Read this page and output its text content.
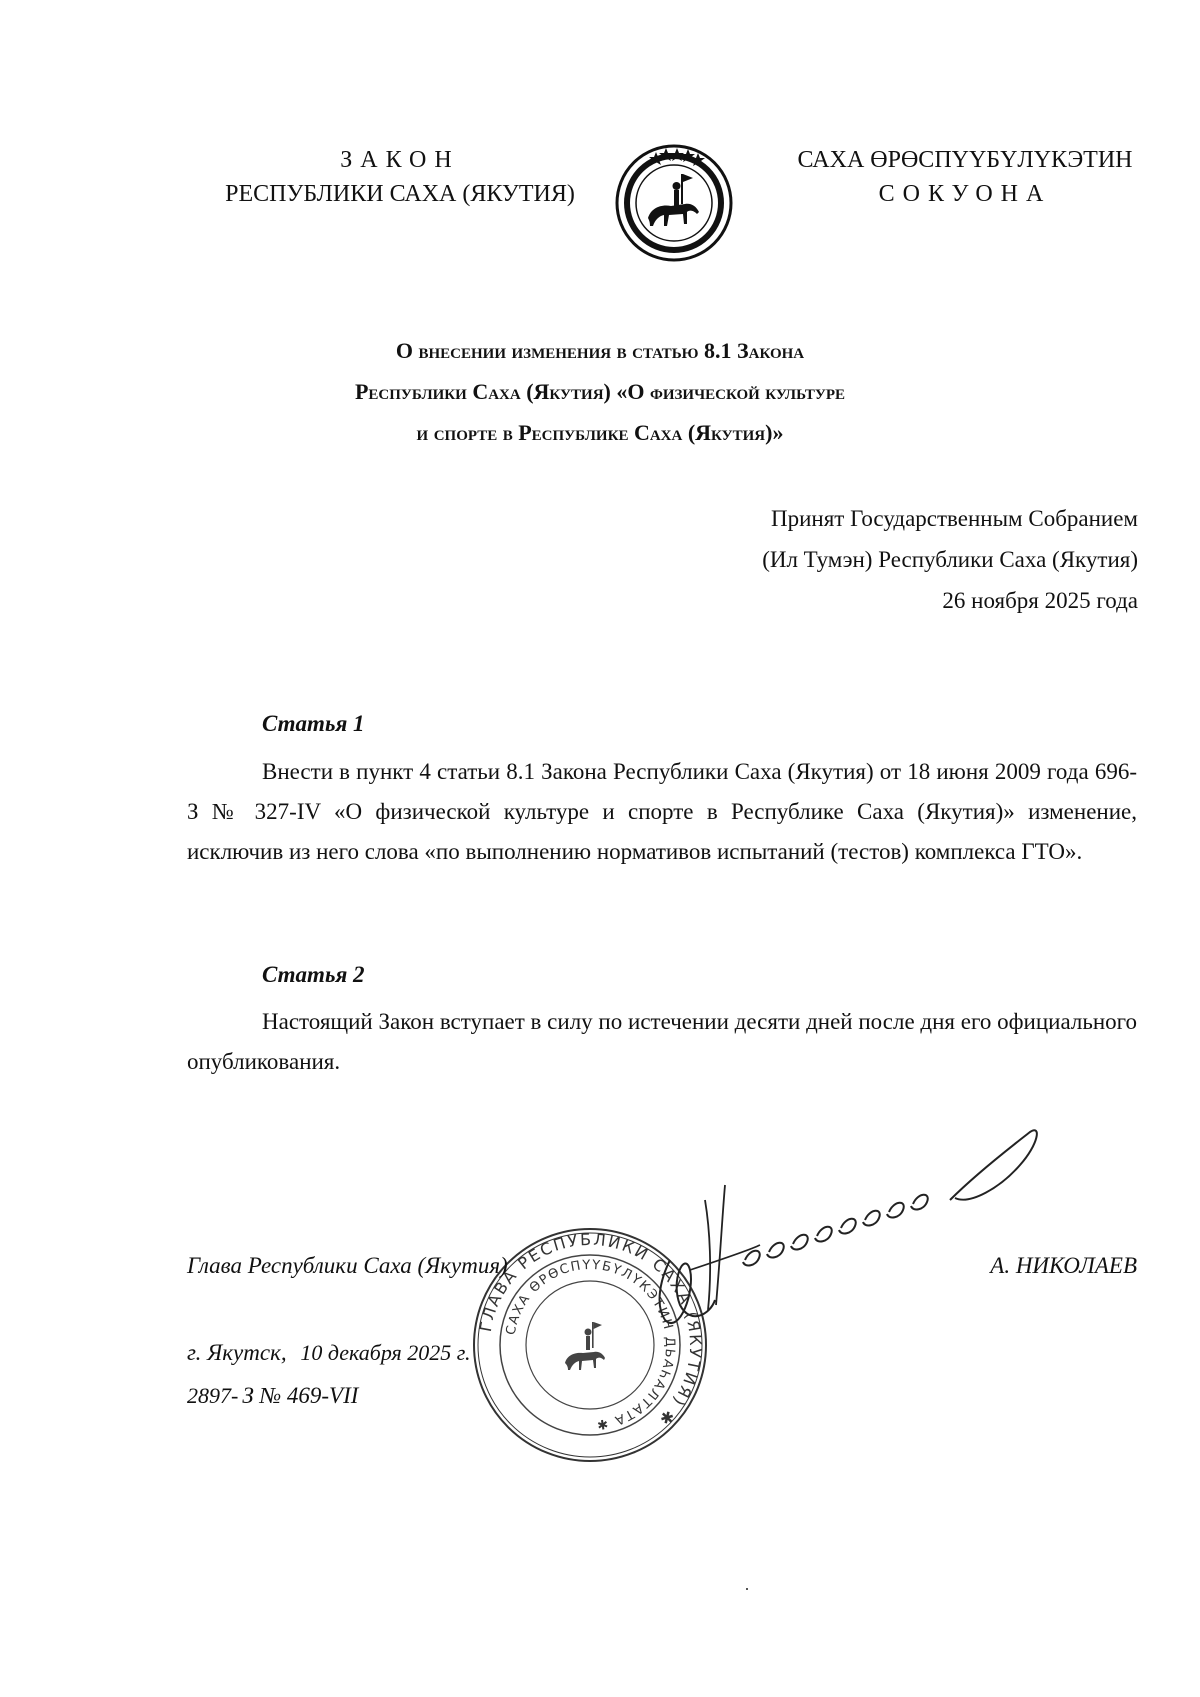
ЗАКОН
РЕСПУБЛИКИ САХА (ЯКУТИЯ)
САХА ӨРӨСПҮҮБҮЛҮКЭТИН
СОКУОНА
О внесении изменения в статью 8.1 Закона
Республики Саха (Якутия) «О физической культуре
и спорте в Республике Саха (Якутия)»
Принят Государственным Собранием
(Ил Тумэн) Республики Саха (Якутия)
26 ноября 2025 года
Статья 1
Внести в пункт 4 статьи 8.1 Закона Республики Саха (Якутия) от 18 июня 2009 года 696-З № 327-IV «О физической культуре и спорте в Республике Саха (Якутия)» изменение, исключив из него слова «по выполнению нормативов испытаний (тестов) комплекса ГТО».
Статья 2
Настоящий Закон вступает в силу по истечении десяти дней после дня его официального опубликования.
ГЛАВА РЕСПУБЛИКИ САХА (ЯКУТИЯ) ✱
САХА ӨРӨСПҮҮБҮЛҮКЭТИН ДЬАҺАЛТАТА ✱
Глава Республики Саха (Якутия)	А. НИКОЛАЕВ
г. Якутск, 10 декабря 2025 г.
2897- З № 469-VII
